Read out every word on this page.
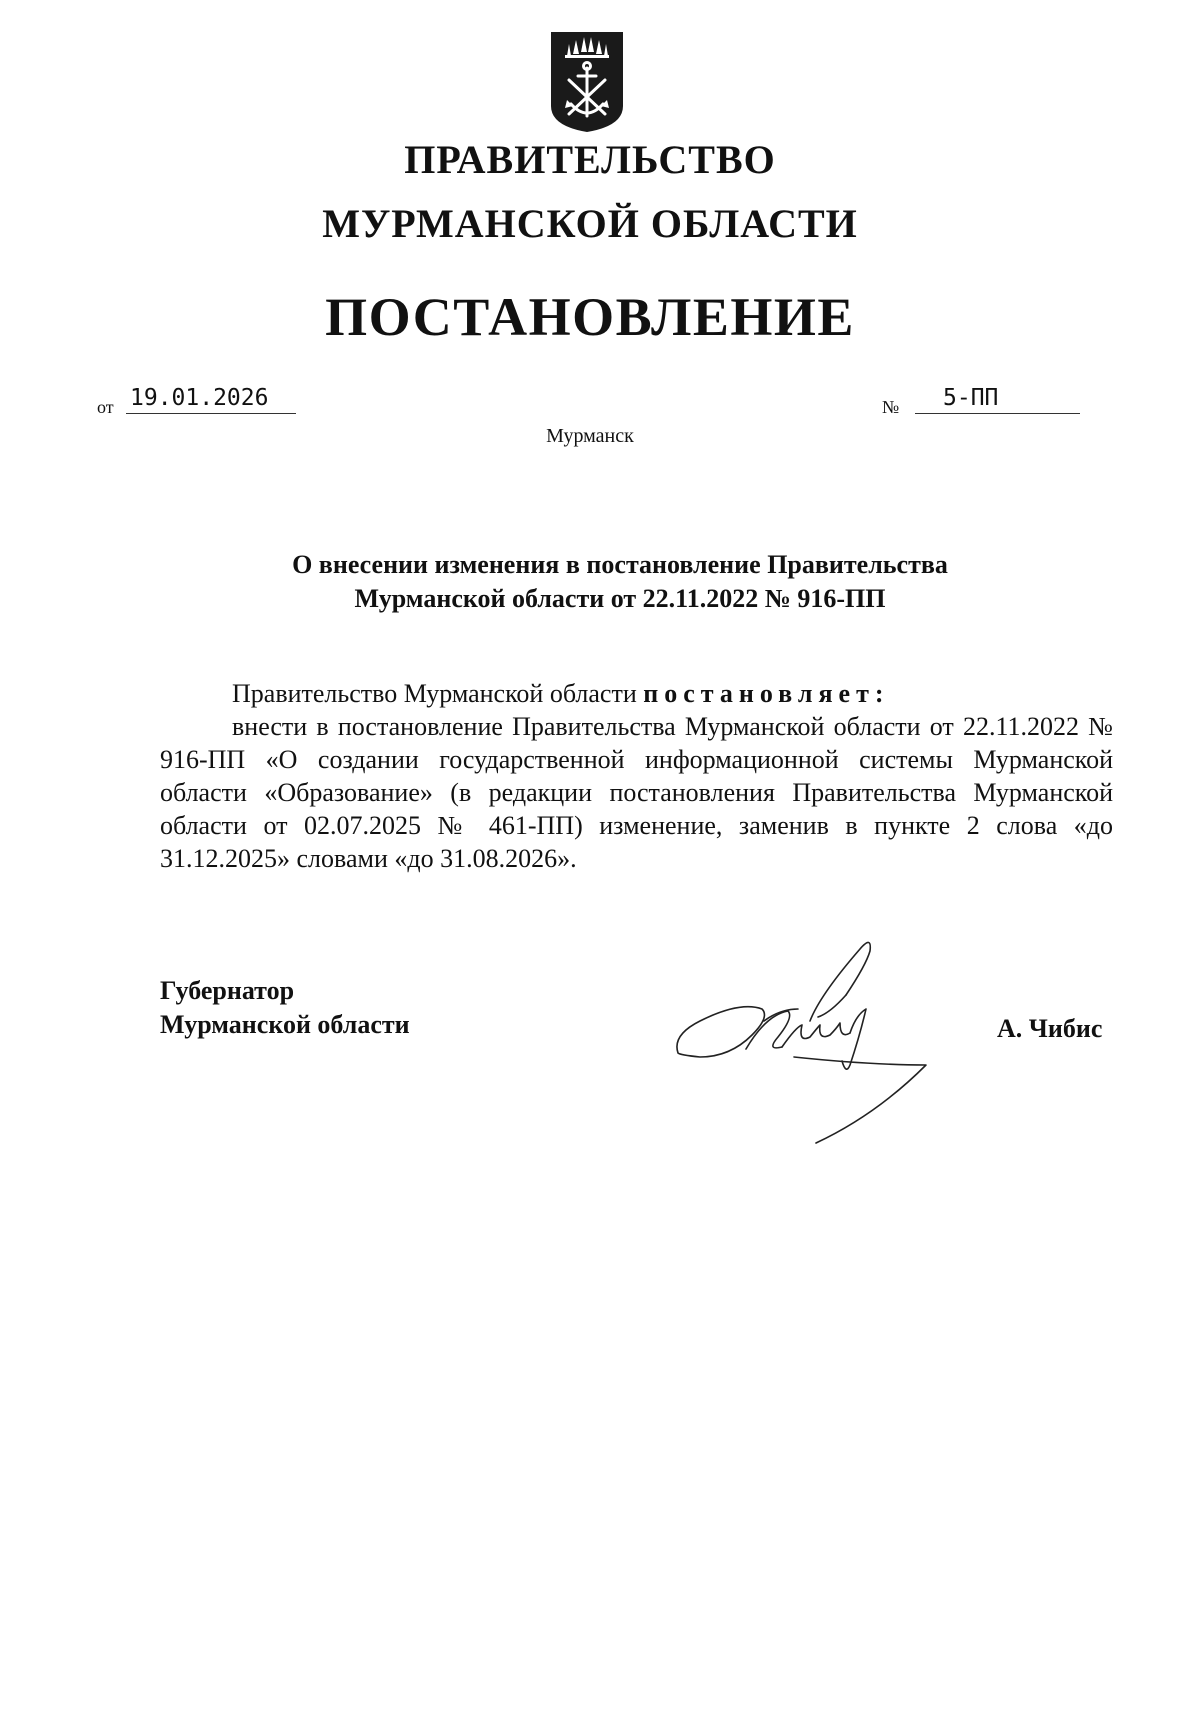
ПРАВИТЕЛЬСТВО
МУРМАНСКОЙ ОБЛАСТИ
ПОСТАНОВЛЕНИЕ
от 19.01.2026	№	5-ПП
Мурманск
О внесении изменения в постановление Правительства
Мурманской области от 22.11.2022 № 916-ПП

Правительство Мурманской области постановляет:

внести в постановление Правительства Мурманской области от 22.11.2022 № 916-ПП «О создании государственной информационной системы Мурманской области «Образование» (в редакции постановления Правительства Мурманской области от 02.07.2025 № 461-ПП) изменение, заменив в пункте 2 слова «до 31.12.2025» словами «до 31.08.2026».

Губернатор
Мурманской области	А. Чибис
